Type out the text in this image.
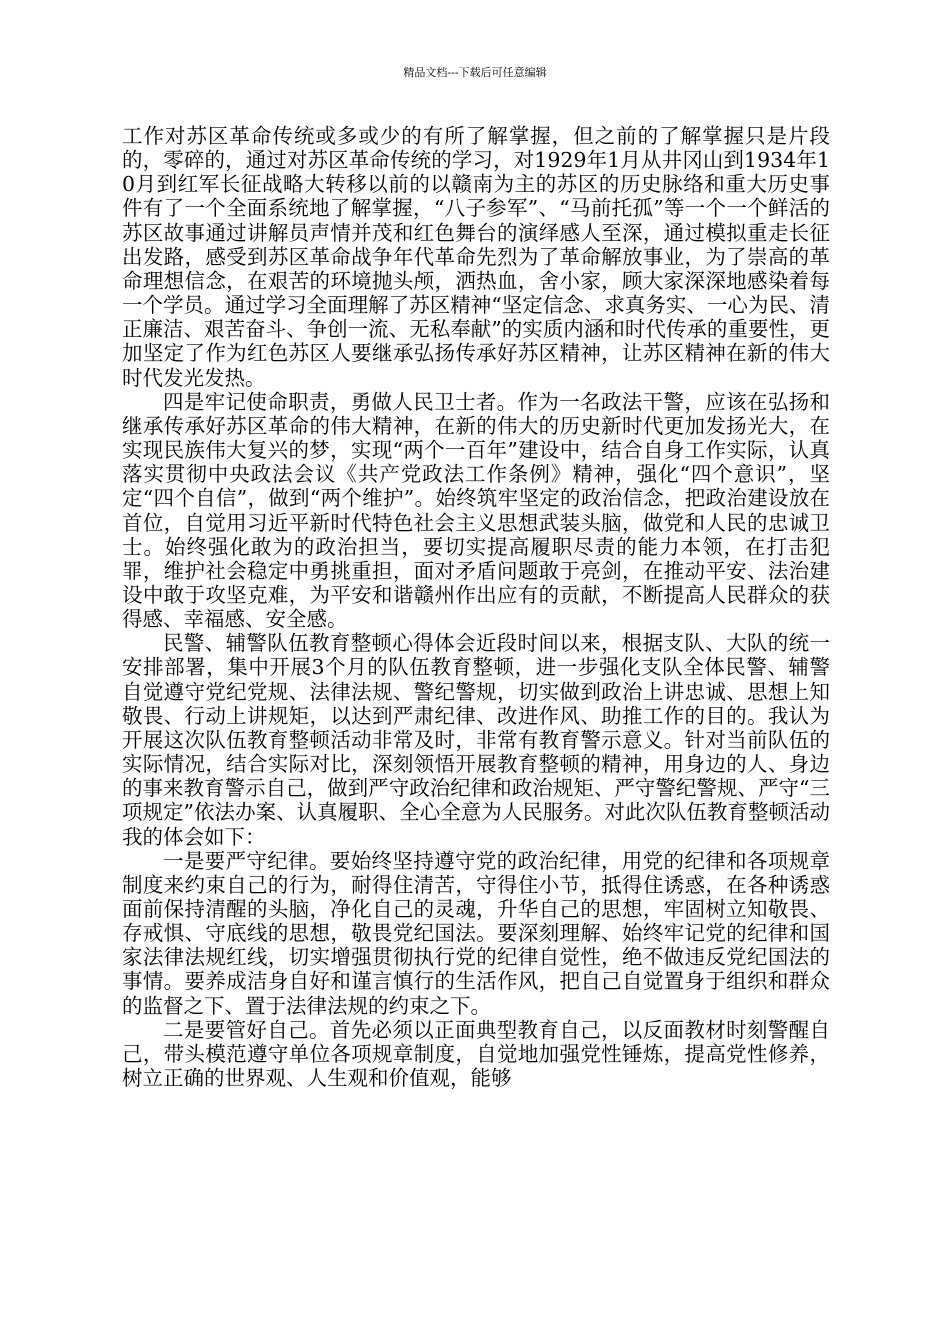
精品文档---下载后可任意编辑

工作对苏区革命传统或多或少的有所了解掌握，但之前的了解掌握只是片段的，零碎的，通过对苏区革命传统的学习，对1929年1月从井冈山到1934年10月到红军长征战略大转移以前的以赣南为主的苏区的历史脉络和重大历史事件有了一个全面系统地了解掌握，“八子参军”、“马前托孤”等一个一个鲜活的苏区故事通过讲解员声情并茂和红色舞台的演绎感人至深，通过模拟重走长征出发路，感受到苏区革命战争年代革命先烈为了革命解放事业，为了崇高的革命理想信念，在艰苦的环境抛头颅，洒热血，舍小家，顾大家深深地感染着每一个学员。通过学习全面理解了苏区精神“坚定信念、求真务实、一心为民、清正廉洁、艰苦奋斗、争创一流、无私奉献”的实质内涵和时代传承的重要性，更加坚定了作为红色苏区人要继承弘扬传承好苏区精神，让苏区精神在新的伟大时代发光发热。

四是牢记使命职责，勇做人民卫士者。作为一名政法干警，应该在弘扬和继承传承好苏区革命的伟大精神，在新的伟大的历史新时代更加发扬光大，在实现民族伟大复兴的梦，实现“两个一百年”建设中，结合自身工作实际，认真落实贯彻中央政法会议《共产党政法工作条例》精神，强化“四个意识”，坚定“四个自信”，做到“两个维护”。始终筑牢坚定的政治信念，把政治建设放在首位，自觉用习近平新时代特色社会主义思想武装头脑，做党和人民的忠诚卫士。始终强化敢为的政治担当，要切实提高履职尽责的能力本领，在打击犯罪，维护社会稳定中勇挑重担，面对矛盾问题敢于亮剑，在推动平安、法治建设中敢于攻坚克难，为平安和谐赣州作出应有的贡献，不断提高人民群众的获得感、幸福感、安全感。

民警、辅警队伍教育整顿心得体会近段时间以来，根据支队、大队的统一安排部署，集中开展3个月的队伍教育整顿，进一步强化支队全体民警、辅警自觉遵守党纪党规、法律法规、警纪警规，切实做到政治上讲忠诚、思想上知敬畏、行动上讲规矩，以达到严肃纪律、改进作风、助推工作的目的。我认为开展这次队伍教育整顿活动非常及时，非常有教育警示意义。针对当前队伍的实际情况，结合实际对比，深刻领悟开展教育整顿的精神，用身边的人、身边的事来教育警示自己，做到严守政治纪律和政治规矩、严守警纪警规、严守“三项规定”依法办案、认真履职、全心全意为人民服务。对此次队伍教育整顿活动我的体会如下：

一是要严守纪律。要始终坚持遵守党的政治纪律，用党的纪律和各项规章制度来约束自己的行为，耐得住清苦，守得住小节，抵得住诱惑，在各种诱惑面前保持清醒的头脑，净化自己的灵魂，升华自己的思想，牢固树立知敬畏、存戒惧、守底线的思想，敬畏党纪国法。要深刻理解、始终牢记党的纪律和国家法律法规红线，切实增强贯彻执行党的纪律自觉性，绝不做违反党纪国法的事情。要养成洁身自好和谨言慎行的生活作风，把自己自觉置身于组织和群众的监督之下、置于法律法规的约束之下。

二是要管好自己。首先必须以正面典型教育自己，以反面教材时刻警醒自己，带头模范遵守单位各项规章制度，自觉地加强党性锤炼，提高党性修养，树立正确的世界观、人生观和价值观，能够
